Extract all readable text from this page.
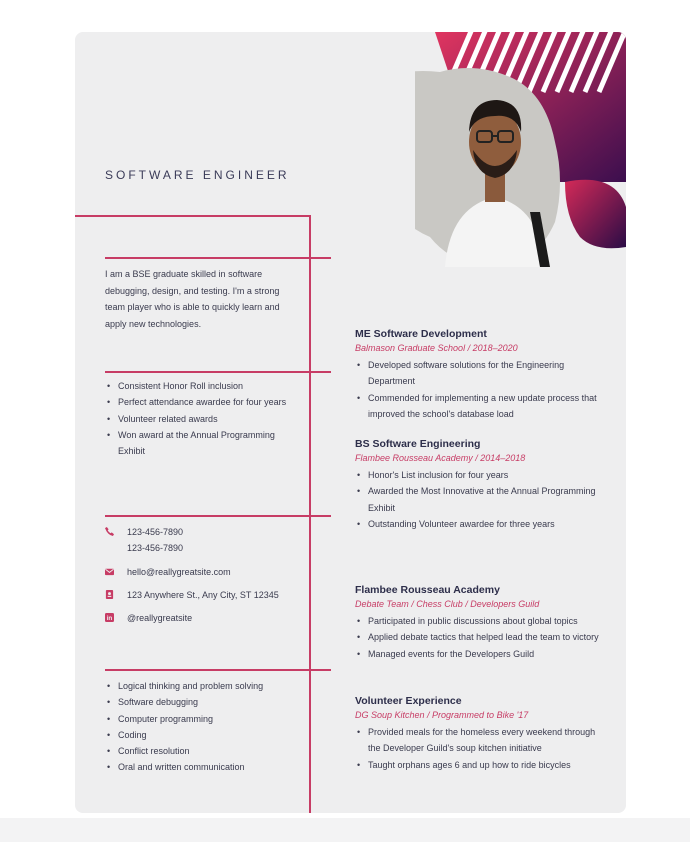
SOFTWARE ENGINEER
I am a BSE graduate skilled in software debugging, design, and testing. I'm a strong team player who is able to quickly learn and apply new technologies.
• Consistent Honor Roll inclusion
• Perfect attendance awardee for four years
• Volunteer related awards
• Won award at the Annual Programming Exhibit
123-456-7890
123-456-7890
hello@reallygreatsite.com
123 Anywhere St., Any City, ST 12345
in @reallygreatsite
• Logical thinking and problem solving
• Software debugging
• Computer programming
• Coding
• Conflict resolution
• Oral and written communication
ME Software Development
Balmason Graduate School / 2018–2020
• Developed software solutions for the Engineering Department
• Commended for implementing a new update process that improved the school's database load
BS Software Engineering
Flambee Rousseau Academy / 2014–2018
• Honor's List inclusion for four years
• Awarded the Most Innovative at the Annual Programming Exhibit
• Outstanding Volunteer awardee for three years
Flambee Rousseau Academy
Debate Team / Chess Club / Developers Guild
• Participated in public discussions about global topics
• Applied debate tactics that helped lead the team to victory
• Managed events for the Developers Guild
Volunteer Experience
DG Soup Kitchen / Programmed to Bike '17
• Provided meals for the homeless every weekend through the Developer Guild's soup kitchen initiative
• Taught orphans ages 6 and up how to ride bicycles
